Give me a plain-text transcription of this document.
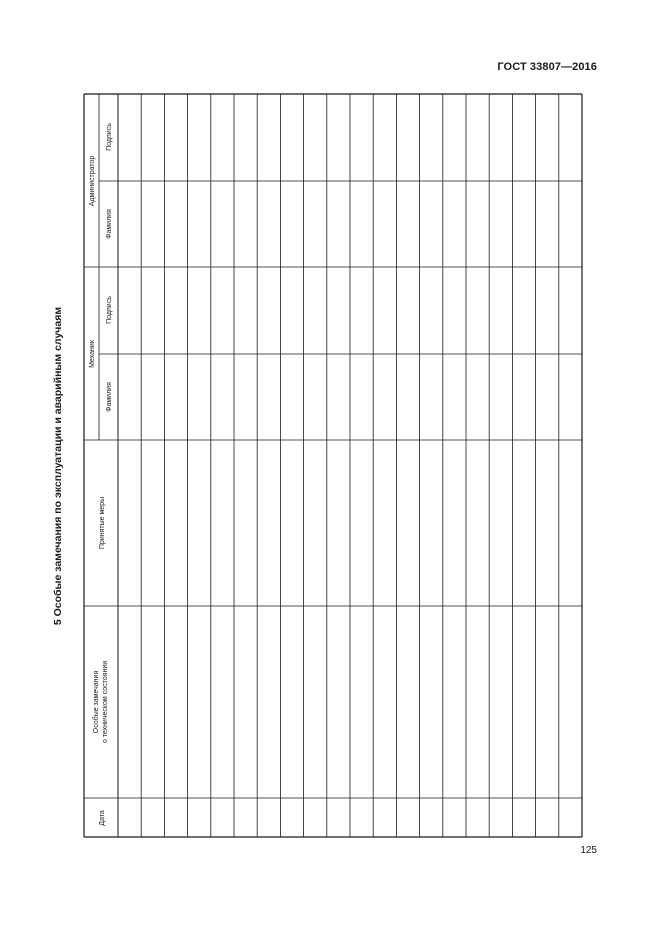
ГОСТ 33807—2016
5 Особые замечания по эксплуатации и аварийным случаям
Дата
Особые замечания о техническом состоянии
Принятые меры
Механик
Фамилия
Подпись
Администратор
Фамилия
Подпись
125
